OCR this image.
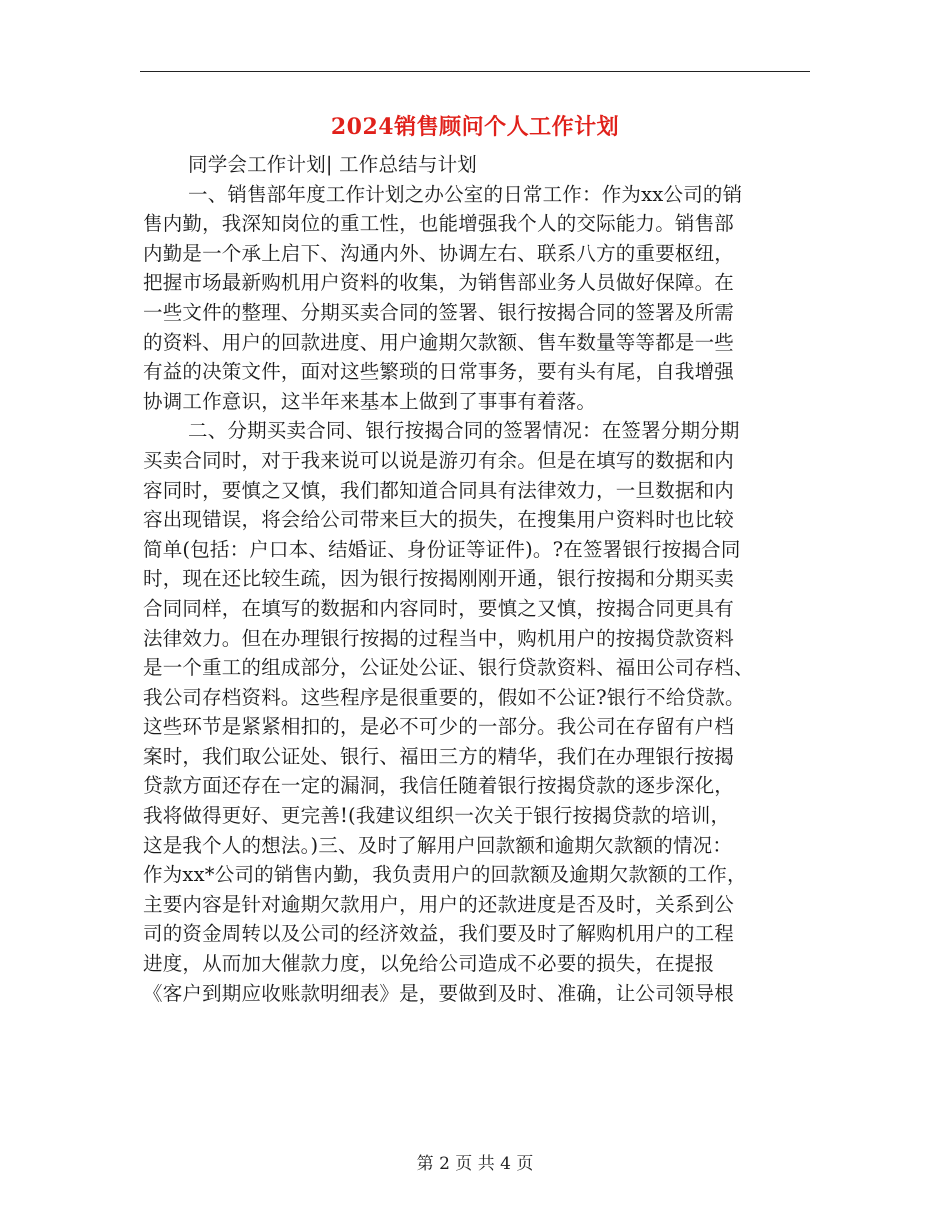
2024销售顾问个人工作计划
同学会工作计划| 工作总结与计划
一、销售部年度工作计划之办公室的日常工作：作为xx公司的销
售内勤，我深知岗位的重工性，也能增强我个人的交际能力。销售部
内勤是一个承上启下、沟通内外、协调左右、联系八方的重要枢纽，
把握市场最新购机用户资料的收集，为销售部业务人员做好保障。在
一些文件的整理、分期买卖合同的签署、银行按揭合同的签署及所需
的资料、用户的回款进度、用户逾期欠款额、售车数量等等都是一些
有益的决策文件，面对这些繁琐的日常事务，要有头有尾，自我增强
协调工作意识，这半年来基本上做到了事事有着落。
二、分期买卖合同、银行按揭合同的签署情况：在签署分期分期
买卖合同时，对于我来说可以说是游刃有余。但是在填写的数据和内
容同时，要慎之又慎，我们都知道合同具有法律效力，一旦数据和内
容出现错误，将会给公司带来巨大的损失，在搜集用户资料时也比较
简单(包括：户口本、结婚证、身份证等证件)。?在签署银行按揭合同
时，现在还比较生疏，因为银行按揭刚刚开通，银行按揭和分期买卖
合同同样，在填写的数据和内容同时，要慎之又慎，按揭合同更具有
法律效力。但在办理银行按揭的过程当中，购机用户的按揭贷款资料
是一个重工的组成部分，公证处公证、银行贷款资料、福田公司存档、
我公司存档资料。这些程序是很重要的，假如不公证?银行不给贷款。
这些环节是紧紧相扣的，是必不可少的一部分。我公司在存留有户档
案时，我们取公证处、银行、福田三方的精华，我们在办理银行按揭
贷款方面还存在一定的漏洞，我信任随着银行按揭贷款的逐步深化，
我将做得更好、更完善!(我建议组织一次关于银行按揭贷款的培训，
这是我个人的想法。)三、及时了解用户回款额和逾期欠款额的情况：
作为xx*公司的销售内勤，我负责用户的回款额及逾期欠款额的工作，
主要内容是针对逾期欠款用户，用户的还款进度是否及时，关系到公
司的资金周转以及公司的经济效益，我们要及时了解购机用户的工程
进度，从而加大催款力度，以免给公司造成不必要的损失，在提报
《客户到期应收账款明细表》是，要做到及时、准确，让公司领导根
第 2 页 共 4 页
